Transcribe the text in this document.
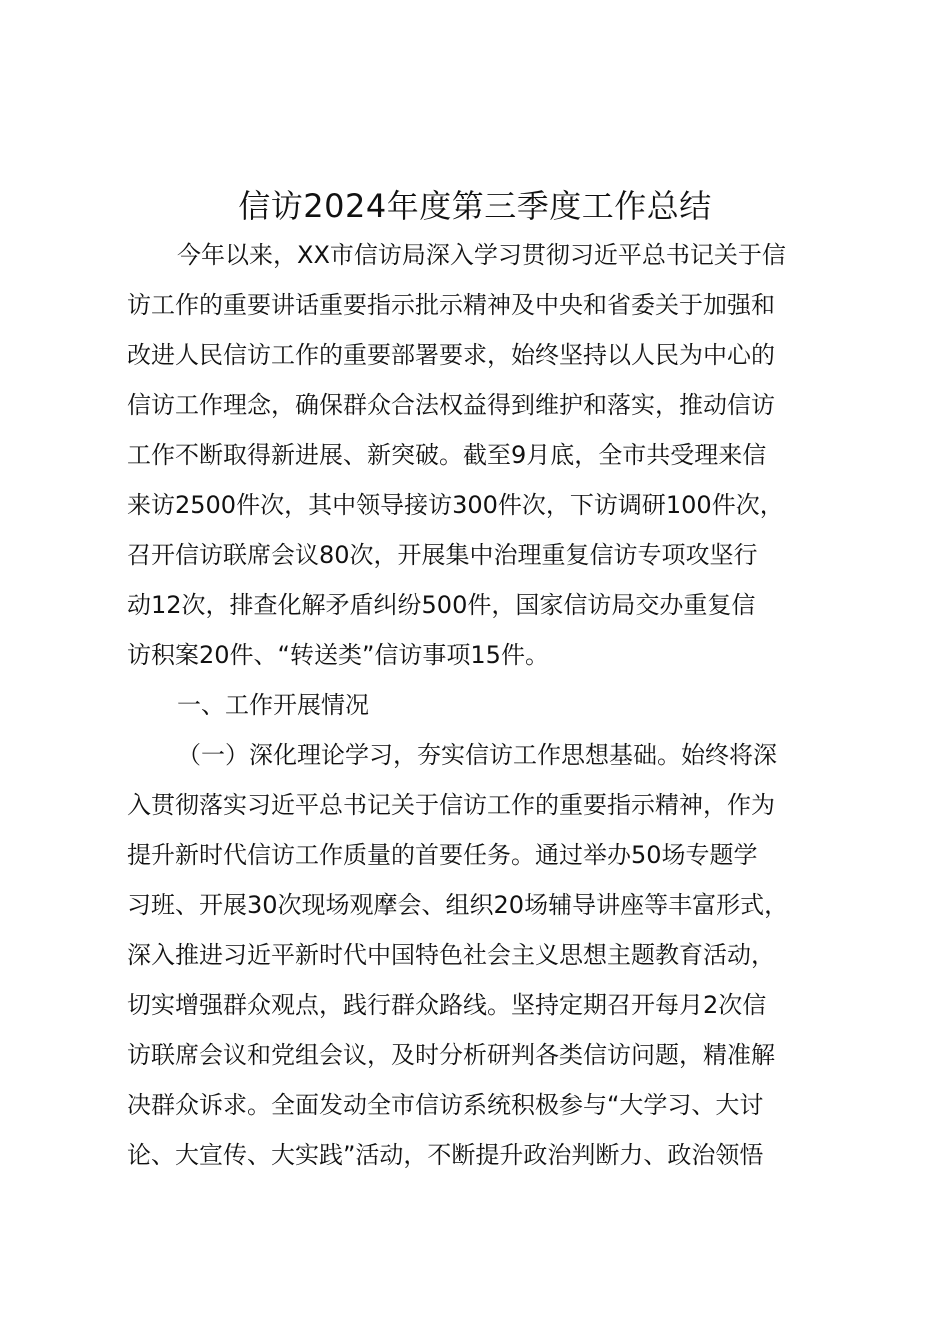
信访2024年度第三季度工作总结
今年以来，XX市信访局深入学习贯彻习近平总书记关于信
访工作的重要讲话重要指示批示精神及中央和省委关于加强和
改进人民信访工作的重要部署要求，始终坚持以人民为中心的
信访工作理念，确保群众合法权益得到维护和落实，推动信访
工作不断取得新进展、新突破。截至9月底，全市共受理来信
来访2500件次，其中领导接访300件次，下访调研100件次，
召开信访联席会议80次，开展集中治理重复信访专项攻坚行
动12次，排查化解矛盾纠纷500件，国家信访局交办重复信
访积案20件、“转送类”信访事项15件。
一、工作开展情况
（一）深化理论学习，夯实信访工作思想基础。始终将深
入贯彻落实习近平总书记关于信访工作的重要指示精神，作为
提升新时代信访工作质量的首要任务。通过举办50场专题学
习班、开展30次现场观摩会、组织20场辅导讲座等丰富形式，
深入推进习近平新时代中国特色社会主义思想主题教育活动，
切实增强群众观点，践行群众路线。坚持定期召开每月2次信
访联席会议和党组会议，及时分析研判各类信访问题，精准解
决群众诉求。全面发动全市信访系统积极参与“大学习、大讨
论、大宣传、大实践”活动，不断提升政治判断力、政治领悟
